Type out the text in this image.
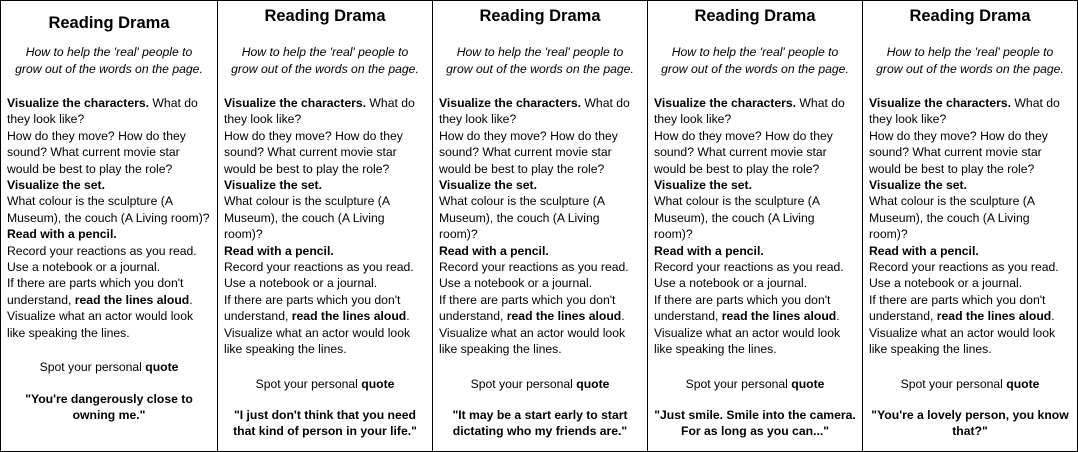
Reading Drama
How to help the 'real' people to
grow out of the words on the page.

Visualize the characters. What do they look like?

How do they move? How do they sound? What current movie star would be best to play the role?

Visualize the set.

What colour is the sculpture (A Museum), the couch (A Living room)?

Read with a pencil.

Record your reactions as you read.

Use a notebook or a journal.

If there are parts which you don't understand, read the lines aloud.

Visualize what an actor would look like speaking the lines.

Spot your personal quote
"You're dangerously close to
owning me."
Reading Drama
How to help the 'real' people to
grow out of the words on the page.

Visualize the characters. What do they look like?

How do they move? How do they sound? What current movie star would be best to play the role?

Visualize the set.

What colour is the sculpture (A Museum), the couch (A Living room)?

Read with a pencil.

Record your reactions as you read.

Use a notebook or a journal.

If there are parts which you don't understand, read the lines aloud.

Visualize what an actor would look like speaking the lines.

Spot your personal quote
"I just don't think that you need
that kind of person in your life."
Reading Drama
How to help the 'real' people to
grow out of the words on the page.

Visualize the characters. What do they look like?

How do they move? How do they sound? What current movie star would be best to play the role?

Visualize the set.

What colour is the sculpture (A Museum), the couch (A Living room)?

Read with a pencil.

Record your reactions as you read.

Use a notebook or a journal.

If there are parts which you don't understand, read the lines aloud.

Visualize what an actor would look like speaking the lines.

Spot your personal quote
"It may be a start early to start
dictating who my friends are."
Reading Drama
How to help the 'real' people to
grow out of the words on the page.

Visualize the characters. What do they look like?

How do they move? How do they sound? What current movie star would be best to play the role?

Visualize the set.

What colour is the sculpture (A Museum), the couch (A Living room)?

Read with a pencil.

Record your reactions as you read.

Use a notebook or a journal.

If there are parts which you don't understand, read the lines aloud.

Visualize what an actor would look like speaking the lines.

Spot your personal quote
"Just smile. Smile into the camera.
For as long as you can..."
Reading Drama
How to help the 'real' people to
grow out of the words on the page.

Visualize the characters. What do they look like?

How do they move? How do they sound? What current movie star would be best to play the role?

Visualize the set.

What colour is the sculpture (A Museum), the couch (A Living room)?

Read with a pencil.

Record your reactions as you read.

Use a notebook or a journal.

If there are parts which you don't understand, read the lines aloud.

Visualize what an actor would look like speaking the lines.

Spot your personal quote
"You're a lovely person, you know
that?"
